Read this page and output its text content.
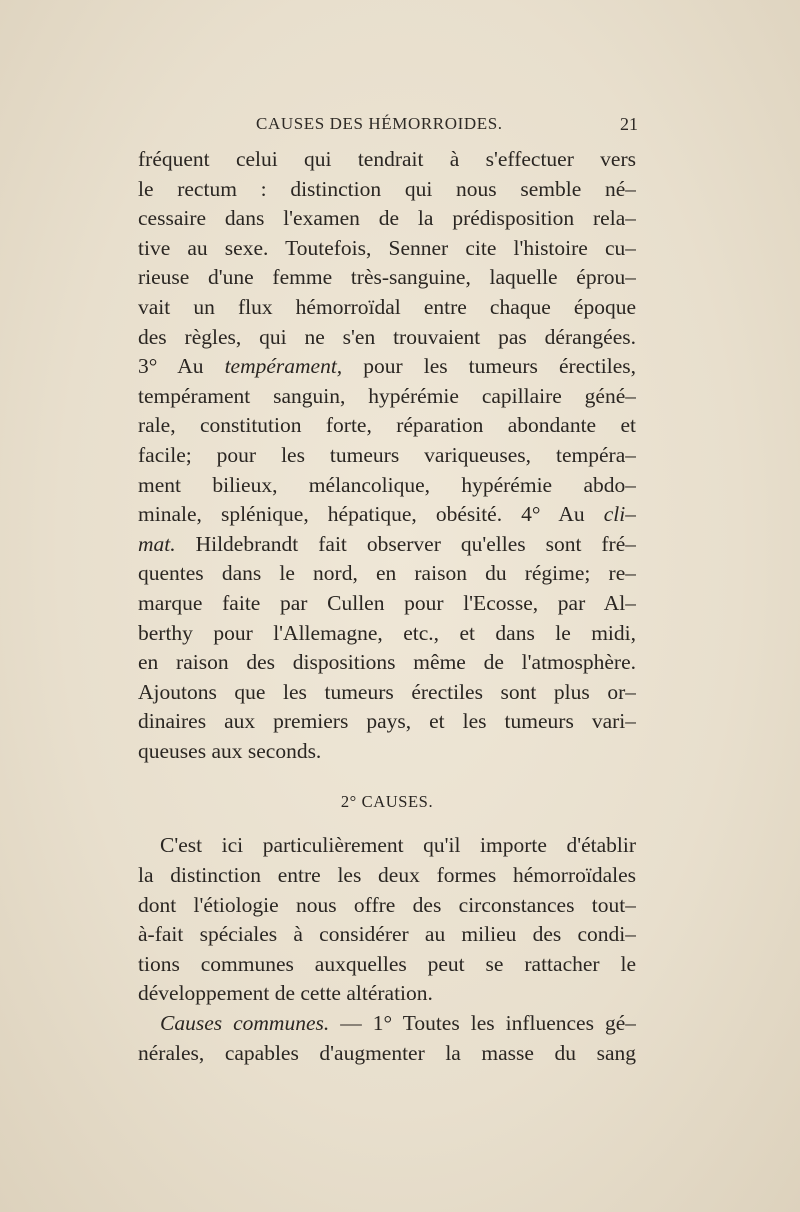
CAUSES DES HÉMORROIDES.	21

fréquent celui qui tendrait à s'effectuer vers
le rectum : distinction qui nous semble né–
cessaire dans l'examen de la prédisposition rela–
tive au sexe. Toutefois, Senner cite l'histoire cu–
rieuse d'une femme très-sanguine, laquelle éprou–
vait un flux hémorroïdal entre chaque époque
des règles, qui ne s'en trouvaient pas dérangées.
3° Au tempérament, pour les tumeurs érectiles,
tempérament sanguin, hypérémie capillaire géné–
rale, constitution forte, réparation abondante et
facile; pour les tumeurs variqueuses, tempéra–
ment bilieux, mélancolique, hypérémie abdo–
minale, splénique, hépatique, obésité. 4° Au cli–
mat. Hildebrandt fait observer qu'elles sont fré–
quentes dans le nord, en raison du régime; re–
marque faite par Cullen pour l'Ecosse, par Al–
berthy pour l'Allemagne, etc., et dans le midi,
en raison des dispositions même de l'atmosphère.
Ajoutons que les tumeurs érectiles sont plus or–
dinaires aux premiers pays, et les tumeurs vari–
queuses aux seconds.

2° CAUSES.

C'est ici particulièrement qu'il importe d'établir
la distinction entre les deux formes hémorroïdales
dont l'étiologie nous offre des circonstances tout–
à-fait spéciales à considérer au milieu des condi–
tions communes auxquelles peut se rattacher le
développement de cette altération.

Causes communes. — 1° Toutes les influences gé–
nérales, capables d'augmenter la masse du sang
